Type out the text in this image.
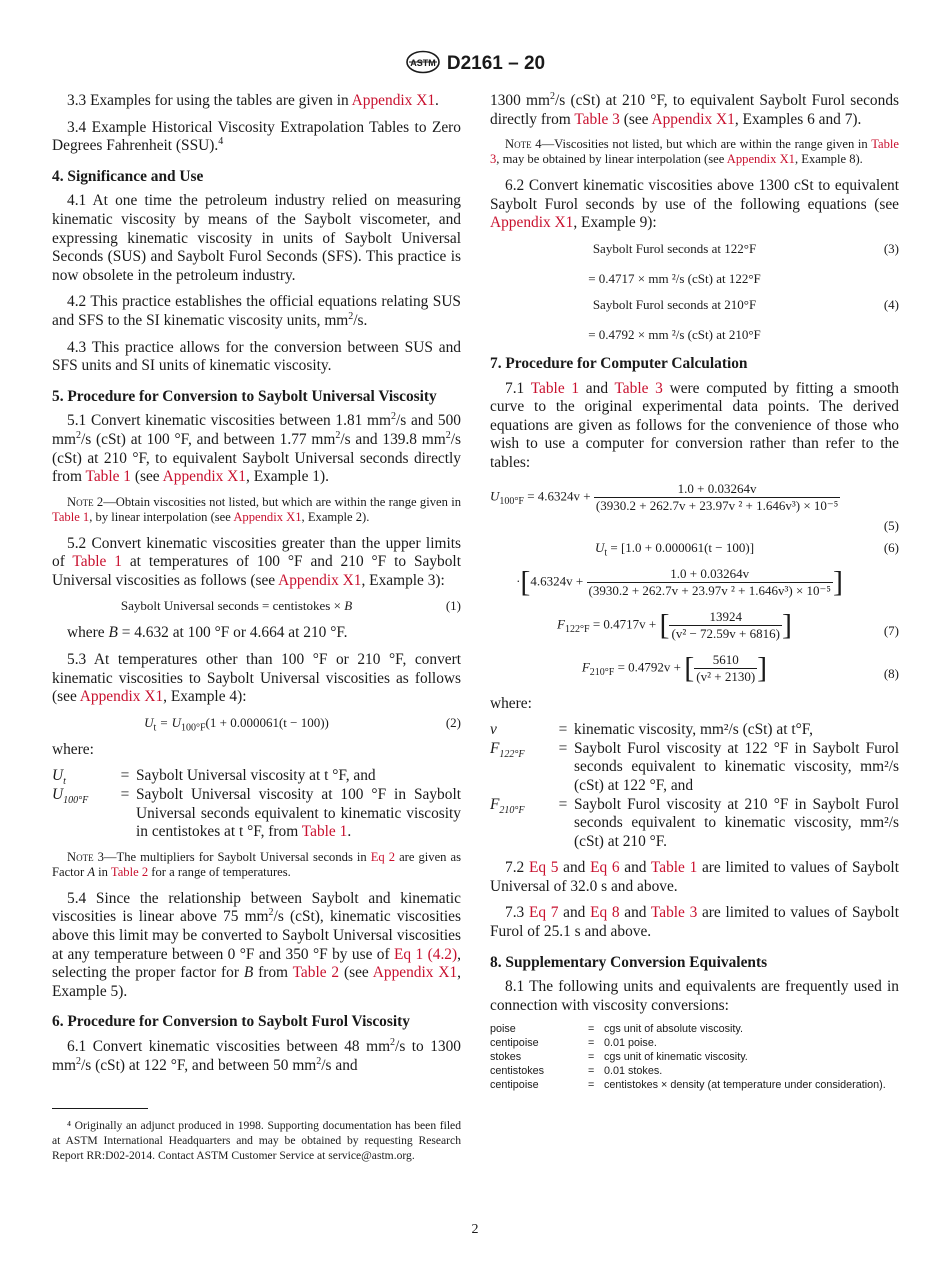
ASTM D2161 – 20

3.3 Examples for using the tables are given in Appendix X1.

3.4 Example Historical Viscosity Extrapolation Tables to Zero Degrees Fahrenheit (SSU).$^4$

4. Significance and Use

4.1 At one time the petroleum industry relied on measuring kinematic viscosity by means of the Saybolt viscometer, and expressing kinematic viscosity in units of Saybolt Universal Seconds (SUS) and Saybolt Furol Seconds (SFS). This practice is now obsolete in the petroleum industry.

4.2 This practice establishes the official equations relating SUS and SFS to the SI kinematic viscosity units, $mm^2/s$.

4.3 This practice allows for the conversion between SUS and SFS units and SI units of kinematic viscosity.

5. Procedure for Conversion to Saybolt Universal Viscosity

5.1 Convert kinematic viscosities between 1.81 $mm^2/s$ and 500 $mm^2/s$ (cSt) at 100 °F, and between 1.77 $mm^2/s$ and 139.8 $mm^2/s$ (cSt) at 210 °F, to equivalent Saybolt Universal seconds directly from Table 1 (see Appendix X1, Example 1).

Note 2—Obtain viscosities not listed, but which are within the range given in Table 1, by linear interpolation (see Appendix X1, Example 2).

5.2 Convert kinematic viscosities greater than the upper limits of Table 1 at temperatures of 100 °F and 210 °F to Saybolt Universal viscosities as follows (see Appendix X1, Example 3):

Saybolt Universal seconds = centistokes × B	(1)

where B = 4.632 at 100 °F or 4.664 at 210 °F.

5.3 At temperatures other than 100 °F or 210 °F, convert kinematic viscosities to Saybolt Universal viscosities as follows (see Appendix X1, Example 4):

$U_t = U_{100^\circ F}(1 + 0.000061(t - 100))$	(2)

where:

$U_t$	=	Saybolt Universal viscosity at t °F, and
$U_{100^\circ F}$	=	Saybolt Universal viscosity at 100 °F in Saybolt Universal seconds equivalent to kinematic viscosity in centistokes at t °F, from Table 1.
Note 3—The multipliers for Saybolt Universal seconds in Eq 2 are given as Factor A in Table 2 for a range of temperatures.

5.4 Since the relationship between Saybolt and kinematic viscosities is linear above 75 $mm^2/s$ (cSt), kinematic viscosities above this limit may be converted to Saybolt Universal viscosities at any temperature between 0 °F and 350 °F by use of Eq 1 (4.2), selecting the proper factor for B from Table 2 (see Appendix X1, Example 5).

6. Procedure for Conversion to Saybolt Furol Viscosity

6.1 Convert kinematic viscosities between 48 $mm^2/s$ to 1300 $mm^2/s$ (cSt) at 122 °F, and between 50 $mm^2/s$ and

⁴ Originally an adjunct produced in 1998. Supporting documentation has been filed at ASTM International Headquarters and may be obtained by requesting Research Report RR:D02-2014. Contact ASTM Customer Service at service@astm.org.

1300 $mm^2/s$ (cSt) at 210 °F, to equivalent Saybolt Furol seconds directly from Table 3 (see Appendix X1, Examples 6 and 7).

Note 4—Viscosities not listed, but which are within the range given in Table 3, may be obtained by linear interpolation (see Appendix X1, Example 8).

6.2 Convert kinematic viscosities above 1300 cSt to equivalent Saybolt Furol seconds by use of the following equations (see Appendix X1, Example 9):

Saybolt Furol seconds at 122°F	(3)
= 0.4717 × mm ²/s (cSt) at 122°F
Saybolt Furol seconds at 210°F	(4)
= 0.4792 × mm ²/s (cSt) at 210°F
7. Procedure for Computer Calculation

7.1 Table 1 and Table 3 were computed by fitting a smooth curve to the original experimental data points. The derived equations are given as follows for the convenience of those who wish to use a computer for conversion rather than refer to the tables:

$U_{100^\circ F} = 4.6324v + \frac{1.0 + 0.03264v}{\text{(3930.2 + 262.7v + 23.97v ² + 1.646v³) × 10⁻⁵}}$
(5)
$U_t = [1.0 + 0.000061(t - 100)]$	(6)
$\cdot[4.6324v + \frac{1.0 + 0.03264v}{\text{(3930.2 + 262.7v + 23.97v ² + 1.646v³) × 10⁻⁵}}$ ]
$F_{122^\circ F} = 0.4717v$ + [ $\frac{13924}{\text{(v² − 72.59v + 6816)}}$ ]	(7)
$F_{210^\circ F} = 0.4792v$ + [ $\frac{5610}{\text{(v² + 2130)}}$ ]	(8)

where:

v	=	kinematic viscosity, mm²/s (cSt) at t°F,
$F_{122^\circ F}$	=	Saybolt Furol viscosity at 122 °F in Saybolt Furol seconds equivalent to kinematic viscosity, mm²/s (cSt) at 122 °F, and
$F_{210^\circ F}$	=	Saybolt Furol viscosity at 210 °F in Saybolt Furol seconds equivalent to kinematic viscosity, mm²/s (cSt) at 210 °F.

7.2 Eq 5 and Eq 6 and Table 1 are limited to values of Saybolt Universal of 32.0 s and above.

7.3 Eq 7 and Eq 8 and Table 3 are limited to values of Saybolt Furol of 25.1 s and above.

8. Supplementary Conversion Equivalents

8.1 The following units and equivalents are frequently used in connection with viscosity conversions:

poise	=	cgs unit of absolute viscosity.
centipoise	=	0.01 poise.
stokes	=	cgs unit of kinematic viscosity.
centistokes	=	0.01 stokes.
centipoise	=	centistokes × density (at temperature under consideration).
2
